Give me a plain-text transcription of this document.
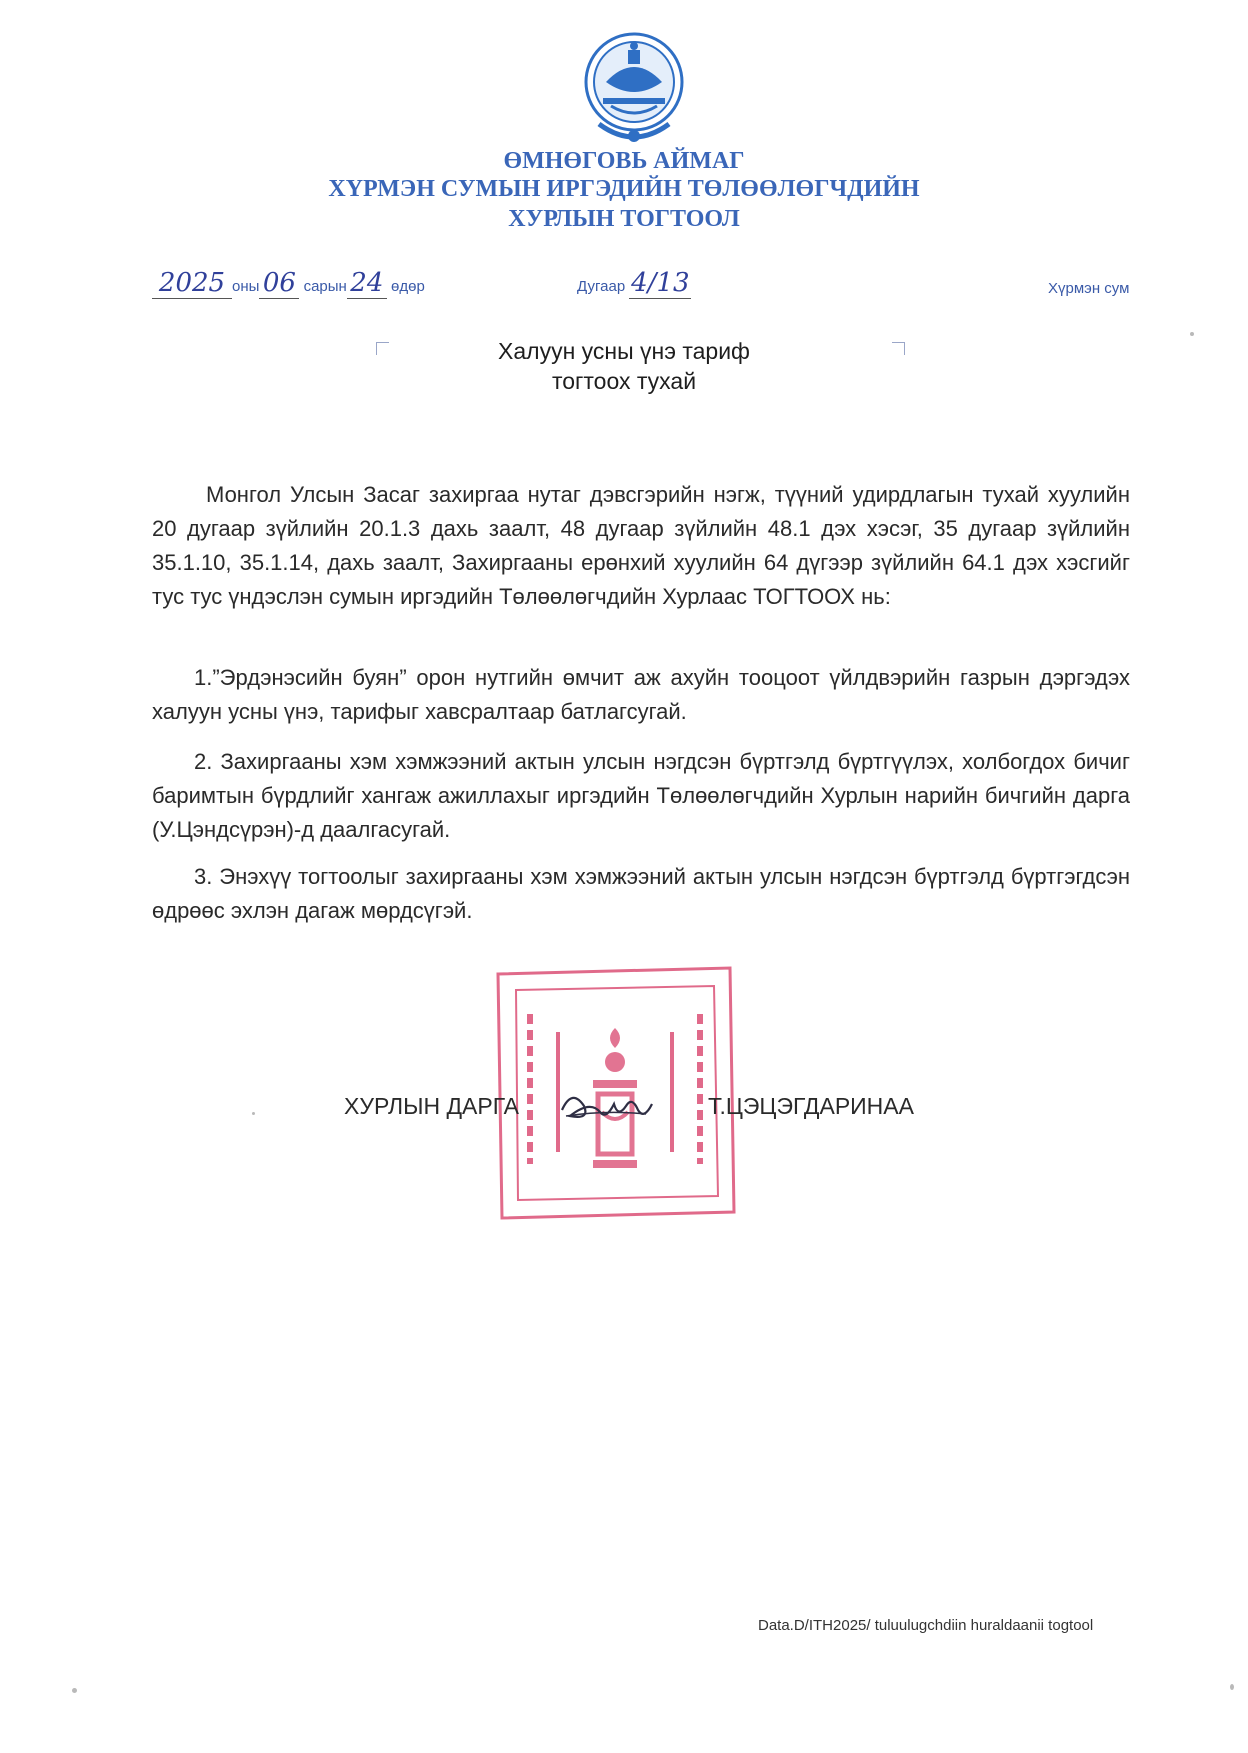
ӨМНӨГОВЬ АЙМАГ
ХҮРМЭН СУМЫН ИРГЭДИЙН ТӨЛӨӨЛӨГЧДИЙН
ХУРЛЫН ТОГТООЛ
2025 оны 06 сарын 24 өдөр	Дугаар 4/13	Хүрмэн сум
Халуун усны үнэ тариф
тогтоох тухай
Монгол Улсын Засаг захиргаа нутаг дэвсгэрийн нэгж, түүний удирдлагын тухай хуулийн 20 дугаар зүйлийн 20.1.3 дахь заалт, 48 дугаар зүйлийн 48.1 дэх хэсэг, 35 дугаар зүйлийн 35.1.10, 35.1.14, дахь заалт, Захиргааны ерөнхий хуулийн 64 дүгээр зүйлийн 64.1 дэх хэсгийг тус тус үндэслэн сумын иргэдийн Төлөөлөгчдийн Хурлаас ТОГТООХ нь:
1.”Эрдэнэсийн буян” орон нутгийн өмчит аж ахуйн тооцоот үйлдвэрийн газрын дэргэдэх халуун усны үнэ, тарифыг хавсралтаар батлагсугай.
2. Захиргааны хэм хэмжээний актын улсын нэгдсэн бүртгэлд бүртгүүлэх, холбогдох бичиг баримтын бүрдлийг хангаж ажиллахыг иргэдийн Төлөөлөгчдийн Хурлын нарийн бичгийн дарга (У.Цэндсүрэн)-д даалгасугай.
3. Энэхүү тогтоолыг захиргааны хэм хэмжээний актын улсын нэгдсэн бүртгэлд бүртгэгдсэн өдрөөс эхлэн дагаж мөрдсүгэй.
ХУРЛЫН ДАРГА	Т.ЦЭЦЭГДАРИНАА
Data.D/ITH2025/ tuluulugchdiin huraldaanii togtool
